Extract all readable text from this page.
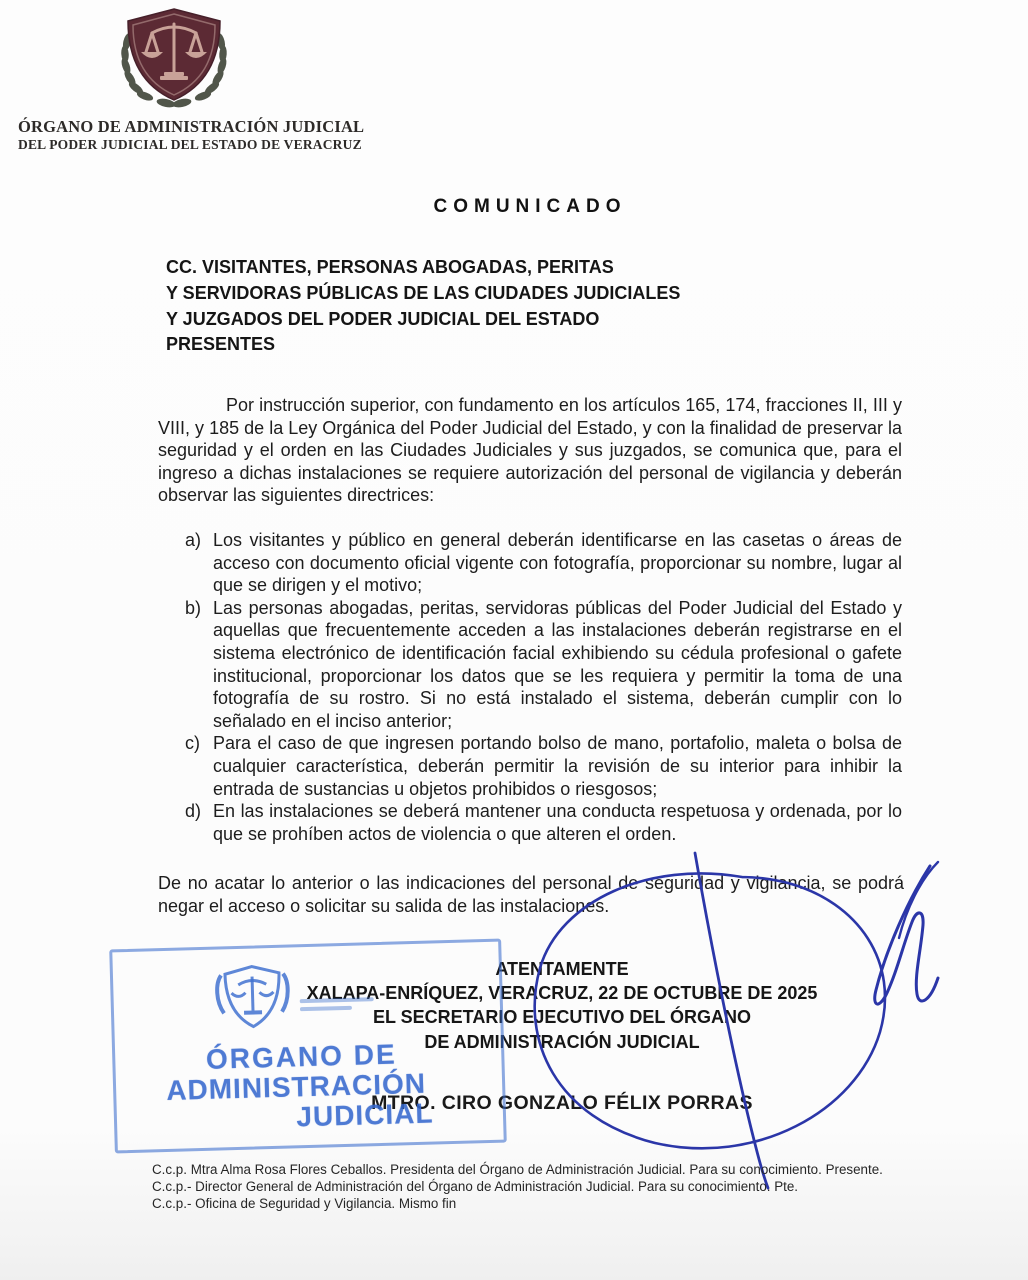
ÓRGANO DE ADMINISTRACIÓN JUDICIAL
DEL PODER JUDICIAL DEL ESTADO DE VERACRUZ
COMUNICADO
CC. VISITANTES, PERSONAS ABOGADAS, PERITAS
Y SERVIDORAS PÚBLICAS DE LAS CIUDADES JUDICIALES
Y JUZGADOS DEL PODER JUDICIAL DEL ESTADO
PRESENTES
Por instrucción superior, con fundamento en los artículos 165, 174, fracciones II, III y VIII, y 185 de la Ley Orgánica del Poder Judicial del Estado, y con la finalidad de preservar la seguridad y el orden en las Ciudades Judiciales y sus juzgados, se comunica que, para el ingreso a dichas instalaciones se requiere autorización del personal de vigilancia y deberán observar las siguientes directrices:
a) Los visitantes y público en general deberán identificarse en las casetas o áreas de acceso con documento oficial vigente con fotografía, proporcionar su nombre, lugar al que se dirigen y el motivo;
b) Las personas abogadas, peritas, servidoras públicas del Poder Judicial del Estado y aquellas que frecuentemente acceden a las instalaciones deberán registrarse en el sistema electrónico de identificación facial exhibiendo su cédula profesional o gafete institucional, proporcionar los datos que se les requiera y permitir la toma de una fotografía de su rostro. Si no está instalado el sistema, deberán cumplir con lo señalado en el inciso anterior;
c) Para el caso de que ingresen portando bolso de mano, portafolio, maleta o bolsa de cualquier característica, deberán permitir la revisión de su interior para inhibir la entrada de sustancias u objetos prohibidos o riesgosos;
d) En las instalaciones se deberá mantener una conducta respetuosa y ordenada, por lo que se prohíben actos de violencia o que alteren el orden.
De no acatar lo anterior o las indicaciones del personal de seguridad y vigilancia, se podrá negar el acceso o solicitar su salida de las instalaciones.
ATENTAMENTE
XALAPA-ENRÍQUEZ, VERACRUZ, 22 DE OCTUBRE DE 2025
EL SECRETARIO EJECUTIVO DEL ÓRGANO
DE ADMINISTRACIÓN JUDICIAL
MTRO. CIRO GONZALO FÉLIX PORRAS
ÓRGANO DE
ADMINISTRACIÓN
JUDICIAL
C.c.p. Mtra Alma Rosa Flores Ceballos. Presidenta del Órgano de Administración Judicial. Para su conocimiento. Presente.
C.c.p.- Director General de Administración del Órgano de Administración Judicial. Para su conocimiento. Pte.
C.c.p.- Oficina de Seguridad y Vigilancia. Mismo fin
